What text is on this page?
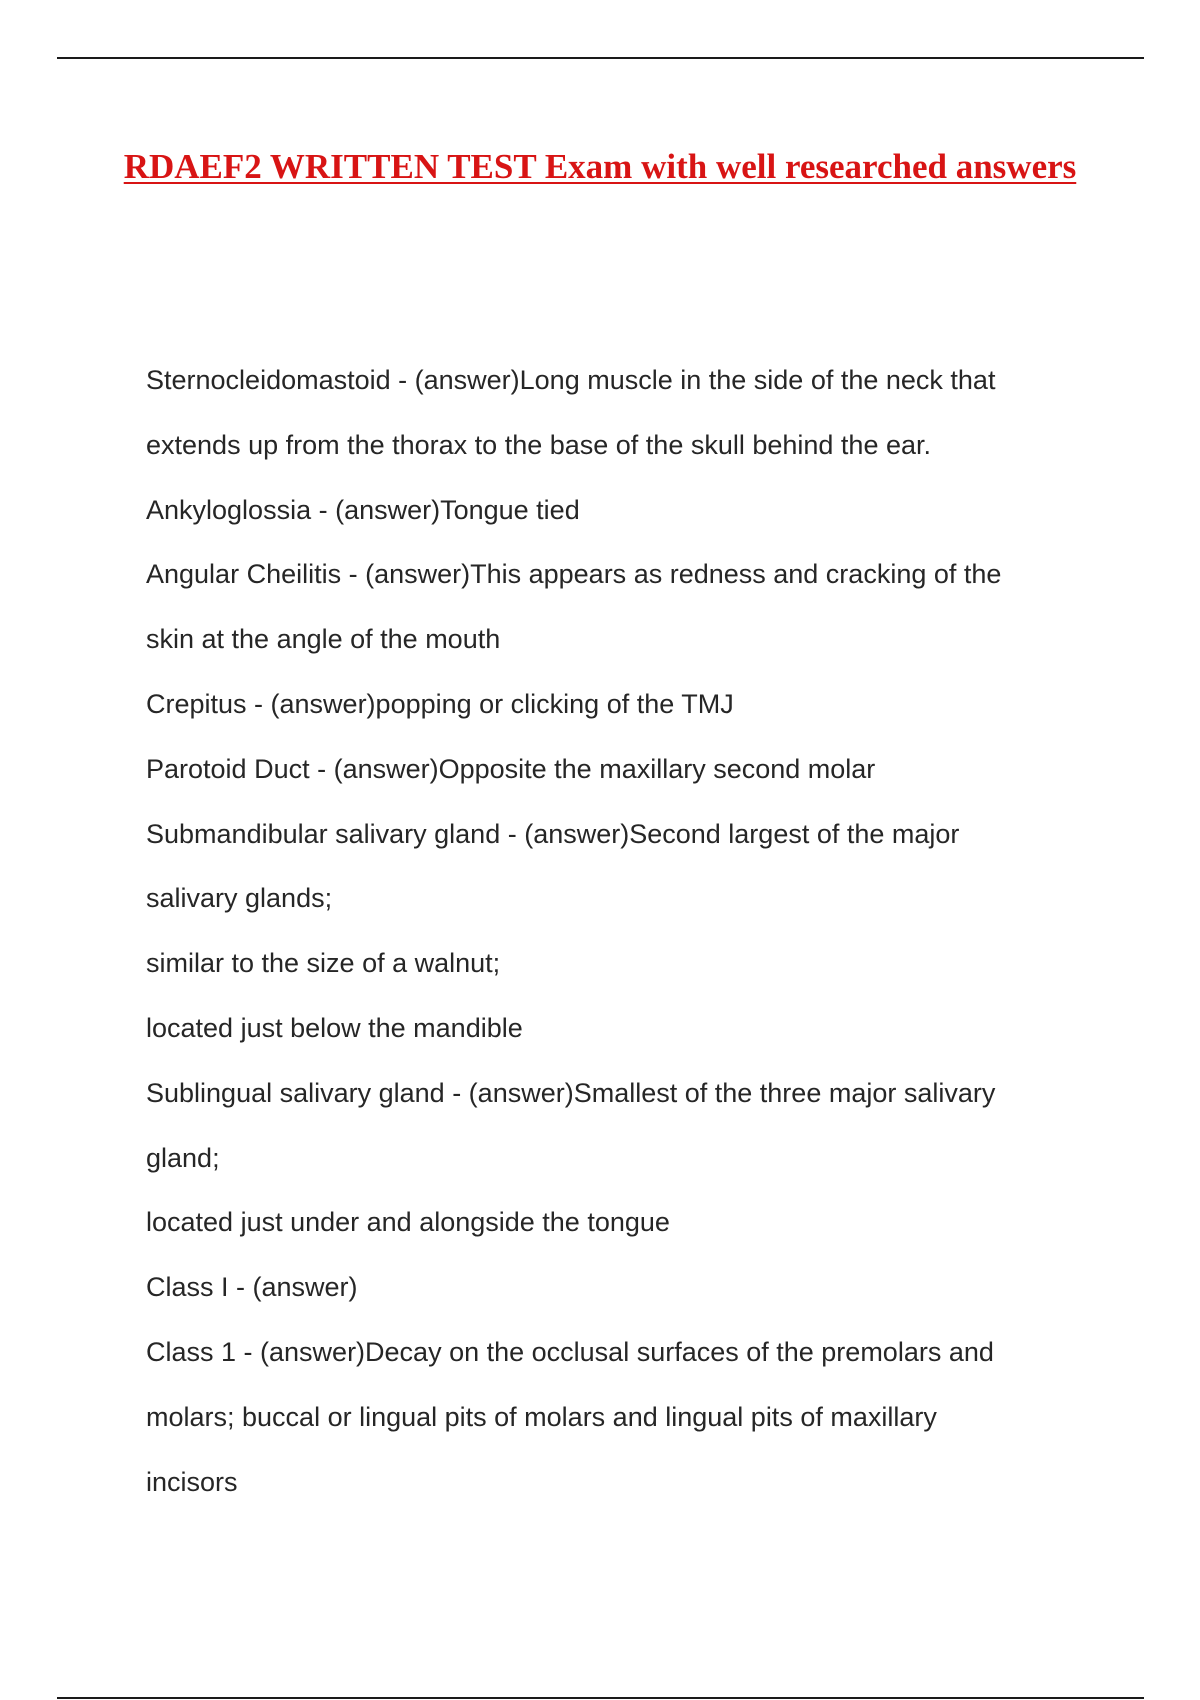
RDAEF2 WRITTEN TEST Exam with well researched answers
Sternocleidomastoid - (answer)Long muscle in the side of the neck that
extends up from the thorax to the base of the skull behind the ear.
Ankyloglossia - (answer)Tongue tied
Angular Cheilitis - (answer)This appears as redness and cracking of the
skin at the angle of the mouth
Crepitus - (answer)popping or clicking of the TMJ
Parotoid Duct - (answer)Opposite the maxillary second molar
Submandibular salivary gland - (answer)Second largest of the major
salivary glands;
similar to the size of a walnut;
located just below the mandible
Sublingual salivary gland - (answer)Smallest of the three major salivary
gland;
located just under and alongside the tongue
Class I - (answer)
Class 1 - (answer)Decay on the occlusal surfaces of the premolars and
molars; buccal or lingual pits of molars and lingual pits of maxillary
incisors
